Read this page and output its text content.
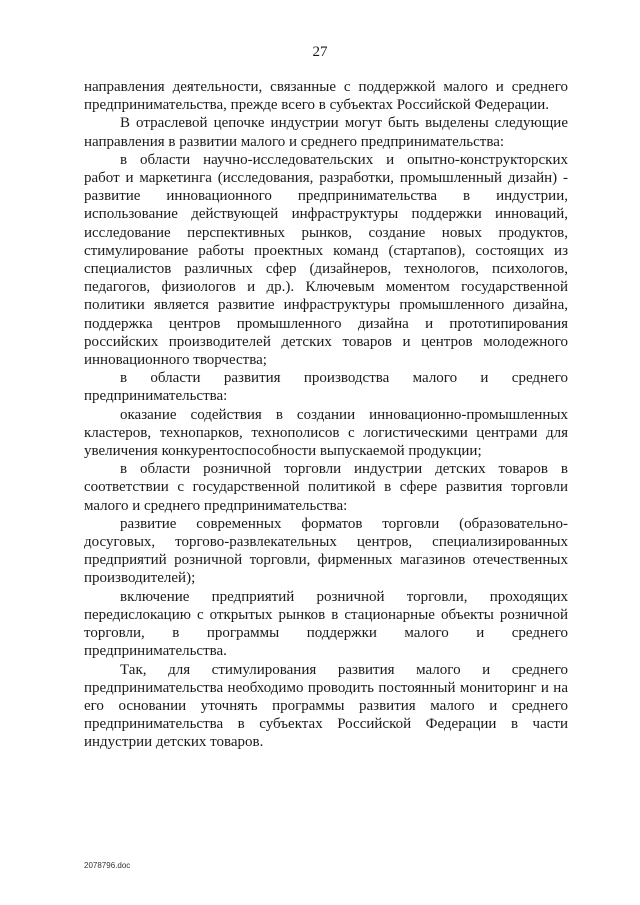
27

направления деятельности, связанные с поддержкой малого и среднего предпринимательства, прежде всего в субъектах Российской Федерации.

В отраслевой цепочке индустрии могут быть выделены следующие направления в развитии малого и среднего предпринимательства:

в области научно-исследовательских и опытно-конструкторских работ и маркетинга (исследования, разработки, промышленный дизайн) - развитие инновационного предпринимательства в индустрии, использование действующей инфраструктуры поддержки инноваций, исследование перспективных рынков, создание новых продуктов, стимулирование работы проектных команд (стартапов), состоящих из специалистов различных сфер (дизайнеров, технологов, психологов, педагогов, физиологов и др.). Ключевым моментом государственной политики является развитие инфраструктуры промышленного дизайна, поддержка центров промышленного дизайна и прототипирования российских производителей детских товаров и центров молодежного инновационного творчества;

в области развития производства малого и среднего предпринимательства:

оказание содействия в создании инновационно-промышленных кластеров, технопарков, технополисов с логистическими центрами для увеличения конкурентоспособности выпускаемой продукции;

в области розничной торговли индустрии детских товаров в соответствии с государственной политикой в сфере развития торговли малого и среднего предпринимательства:

развитие современных форматов торговли (образовательно-досуговых, торгово-развлекательных центров, специализированных предприятий розничной торговли, фирменных магазинов отечественных производителей);

включение предприятий розничной торговли, проходящих передислокацию с открытых рынков в стационарные объекты розничной торговли, в программы поддержки малого и среднего предпринимательства.

Так, для стимулирования развития малого и среднего предпринимательства необходимо проводить постоянный мониторинг и на его основании уточнять программы развития малого и среднего предпринимательства в субъектах Российской Федерации в части индустрии детских товаров.

2078796.doc
